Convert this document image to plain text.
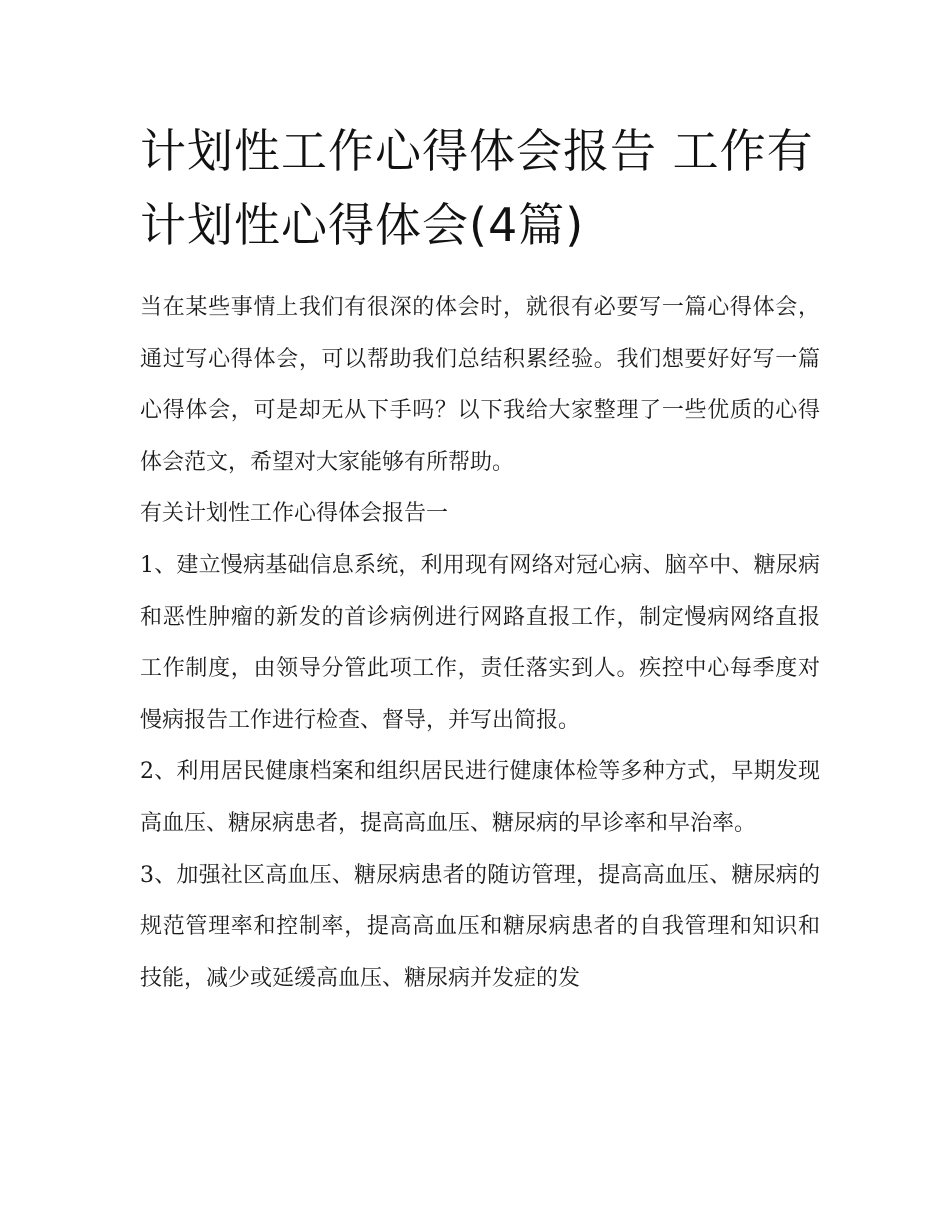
计划性工作心得体会报告 工作有计划性心得体会(4篇)

当在某些事情上我们有很深的体会时，就很有必要写一篇心得体会，通过写心得体会，可以帮助我们总结积累经验。我们想要好好写一篇心得体会，可是却无从下手吗？以下我给大家整理了一些优质的心得体会范文，希望对大家能够有所帮助。

有关计划性工作心得体会报告一

1、建立慢病基础信息系统，利用现有网络对冠心病、脑卒中、糖尿病和恶性肿瘤的新发的首诊病例进行网路直报工作，制定慢病网络直报工作制度，由领导分管此项工作，责任落实到人。疾控中心每季度对慢病报告工作进行检查、督导，并写出简报。

2、利用居民健康档案和组织居民进行健康体检等多种方式，早期发现高血压、糖尿病患者，提高高血压、糖尿病的早诊率和早治率。

3、加强社区高血压、糖尿病患者的随访管理，提高高血压、糖尿病的规范管理率和控制率，提高高血压和糖尿病患者的自我管理和知识和技能，减少或延缓高血压、糖尿病并发症的发
